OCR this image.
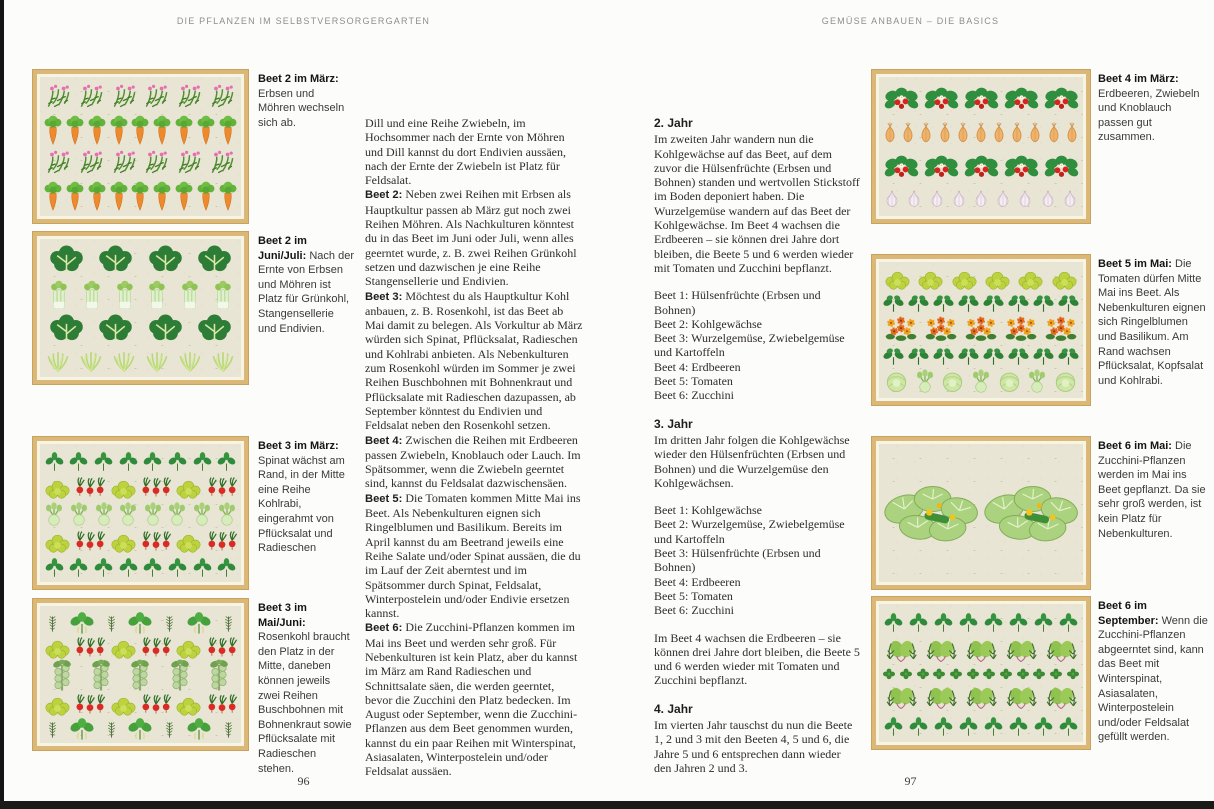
DIE PFLANZEN IM SELBSTVERSORGERGARTEN	GEMÜSE ANBAUEN – DIE BASICS
Beet 2 im März: Erbsen und Möhren wechseln sich ab.
Beet 2 im Juni/Juli: Nach der Ernte von Erbsen und Möhren ist Platz für Grünkohl, Stangensellerie und Endivien.
Beet 3 im März: Spinat wächst am Rand, in der Mitte eine Reihe Kohlrabi, eingerahmt von Pflücksalat und Radieschen
Beet 3 im Mai/Juni: Rosenkohl braucht den Platz in der Mitte, daneben können jeweils zwei Reihen Buschbohnen mit Bohnenkraut sowie Pflücksalate mit Radieschen stehen.

Dill und eine Reihe Zwiebeln, im Hochsommer nach der Ernte von Möhren und Dill kannst du dort Endivien aussäen, nach der Ernte der Zwiebeln ist Platz für Feldsalat.

Beet 2: Neben zwei Reihen mit Erbsen als Hauptkultur passen ab März gut noch zwei Reihen Möhren. Als Nachkulturen könntest du in das Beet im Juni oder Juli, wenn alles geerntet wurde, z. B. zwei Reihen Grünkohl setzen und dazwischen je eine Reihe Stangensellerie und Endivien.

Beet 3: Möchtest du als Hauptkultur Kohl anbauen, z. B. Rosenkohl, ist das Beet ab Mai damit zu belegen. Als Vorkultur ab März würden sich Spinat, Pflücksalat, Radieschen und Kohlrabi anbieten. Als Nebenkulturen zum Rosenkohl würden im Sommer je zwei Reihen Buschbohnen mit Bohnenkraut und Pflücksalate mit Radieschen dazupassen, ab September könntest du Endivien und Feldsalat neben den Rosenkohl setzen.

Beet 4: Zwischen die Reihen mit Erdbeeren passen Zwiebeln, Knoblauch oder Lauch. Im Spätsommer, wenn die Zwiebeln geerntet sind, kannst du Feldsalat dazwischensäen.

Beet 5: Die Tomaten kommen Mitte Mai ins Beet. Als Nebenkulturen eignen sich Ringelblumen und Basilikum. Bereits im April kannst du am Beetrand jeweils eine Reihe Salate und/oder Spinat aussäen, die du im Lauf der Zeit aberntest und im Spätsommer durch Spinat, Feldsalat, Winterpostelein und/oder Endivie ersetzen kannst.

Beet 6: Die Zucchini-Pflanzen kommen im Mai ins Beet und werden sehr groß. Für Nebenkulturen ist kein Platz, aber du kannst im März am Rand Radieschen und Schnittsalate säen, die werden geerntet, bevor die Zucchini den Platz bedecken. Im August oder September, wenn die Zucchini-Pflanzen aus dem Beet genommen wurden, kannst du ein paar Reihen mit Winterspinat, Asiasalaten, Winterpostelein und/oder Feldsalat aussäen.

2. Jahr

Im zweiten Jahr wandern nun die Kohlgewächse auf das Beet, auf dem zuvor die Hülsenfrüchte (Erbsen und Bohnen) standen und wertvollen Stickstoff im Boden deponiert haben. Die Wurzelgemüse wandern auf das Beet der Kohlgewächse. Im Beet 4 wachsen die Erdbeeren – sie können drei Jahre dort bleiben, die Beete 5 und 6 werden wieder mit Tomaten und Zucchini bepflanzt.

Beet 1: Hülsenfrüchte (Erbsen und Bohnen)

Beet 2: Kohlgewächse

Beet 3: Wurzelgemüse, Zwiebelgemüse und Kartoffeln

Beet 4: Erdbeeren

Beet 5: Tomaten

Beet 6: Zucchini

3. Jahr

Im dritten Jahr folgen die Kohlgewächse wieder den Hülsenfrüchten (Erbsen und Bohnen) und die Wurzelgemüse den Kohlgewächsen.

Beet 1: Kohlgewächse

Beet 2: Wurzelgemüse, Zwiebelgemüse und Kartoffeln

Beet 3: Hülsenfrüchte (Erbsen und Bohnen)

Beet 4: Erdbeeren

Beet 5: Tomaten

Beet 6: Zucchini

Im Beet 4 wachsen die Erdbeeren – sie können drei Jahre dort bleiben, die Beete 5 und 6 werden wieder mit Tomaten und Zucchini bepflanzt.

4. Jahr

Im vierten Jahr tauschst du nun die Beete 1, 2 und 3 mit den Beeten 4, 5 und 6, die Jahre 5 und 6 entsprechen dann wieder den Jahren 2 und 3.

Beet 4 im März: Erdbeeren, Zwiebeln und Knoblauch passen gut zusammen.
Beet 5 im Mai: Die Tomaten dürfen Mitte Mai ins Beet. Als Nebenkulturen eignen sich Ringelblumen und Basilikum. Am Rand wachsen Pflücksalat, Kopfsalat und Kohlrabi.
Beet 6 im Mai: Die Zucchini-Pflanzen werden im Mai ins Beet gepflanzt. Da sie sehr groß werden, ist kein Platz für Nebenkulturen.
Beet 6 im September: Wenn die Zucchini-Pflanzen abgeerntet sind, kann das Beet mit Winterspinat, Asiasalaten, Winterpostelein und/oder Feldsalat gefüllt werden.
96	97
